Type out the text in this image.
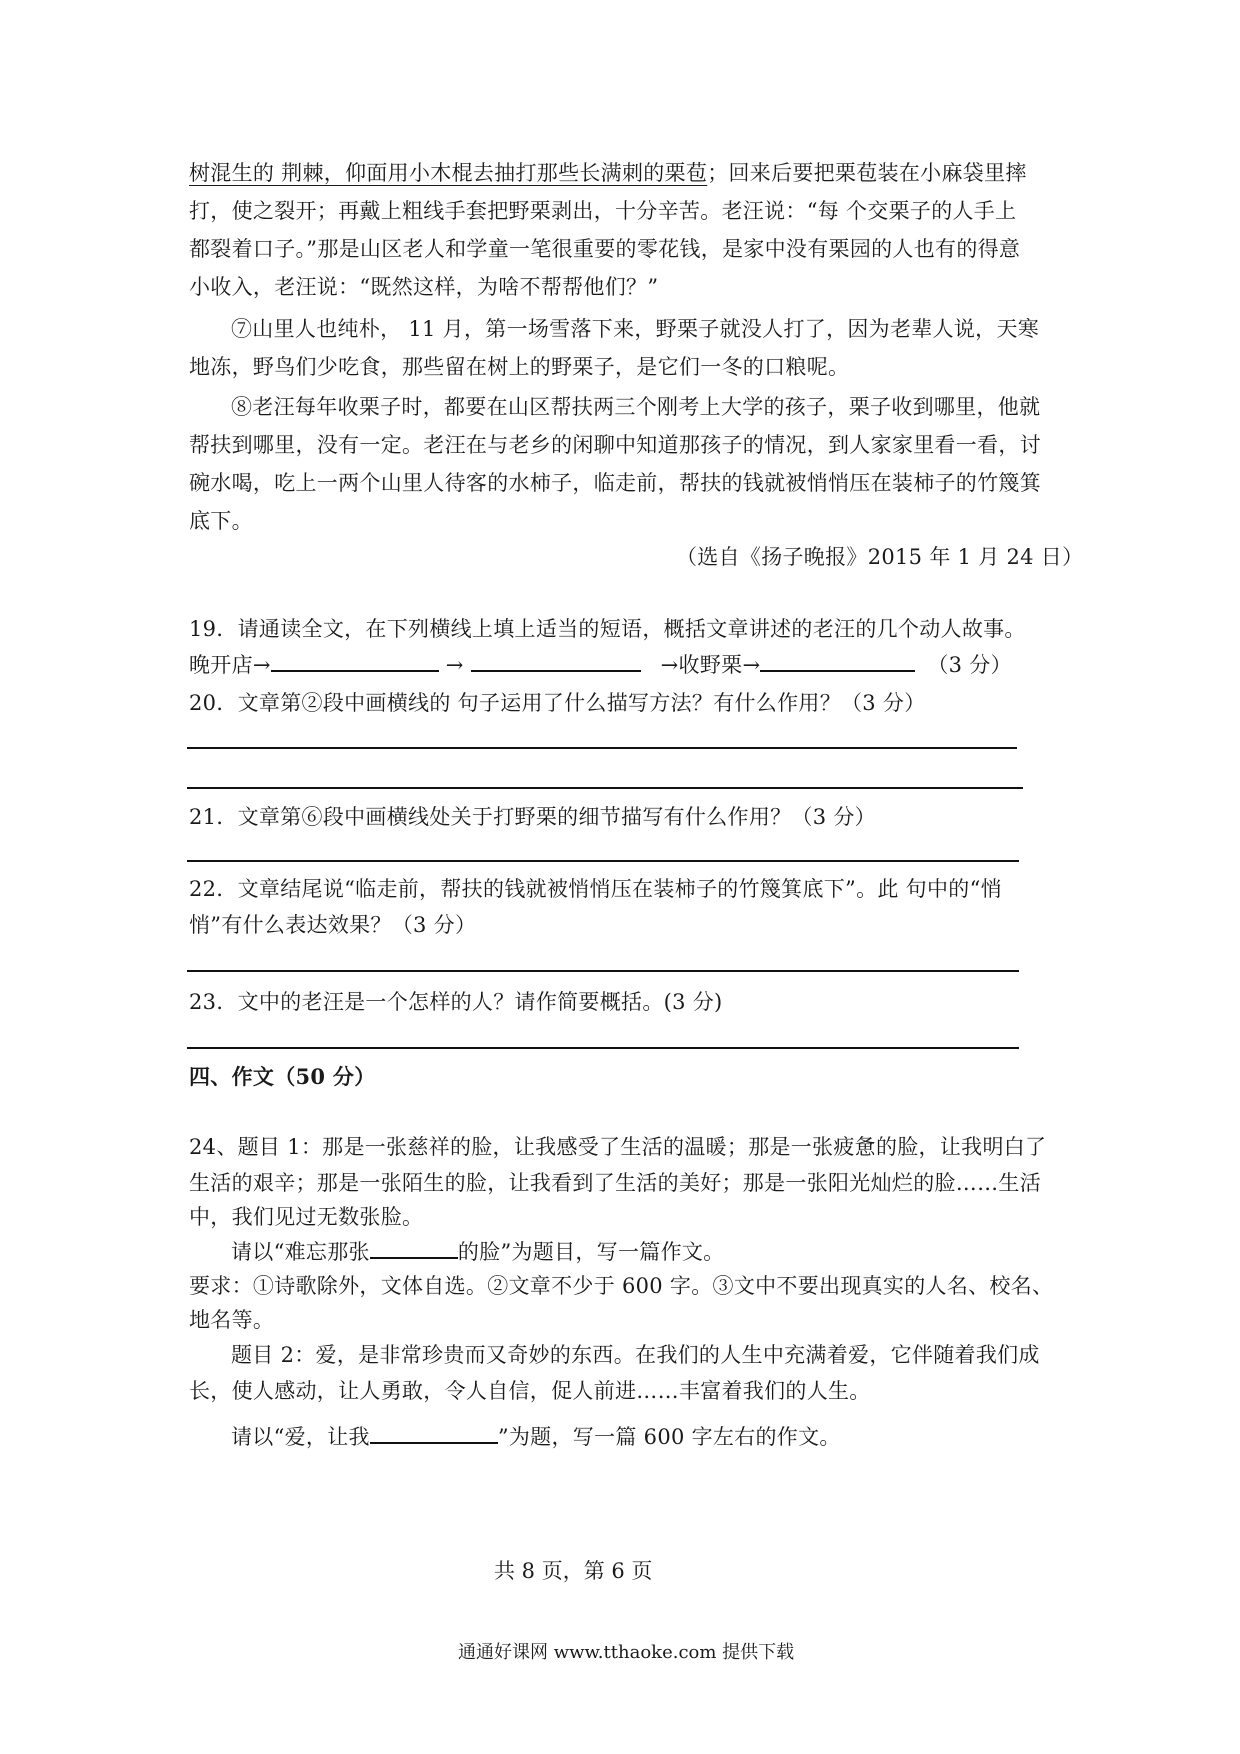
树混生的 荆棘，仰面用小木棍去抽打那些长满刺的栗苞；回来后要把栗苞装在小麻袋里摔
打，使之裂开；再戴上粗线手套把野栗剥出，十分辛苦。老汪说：“每 个交栗子的人手上
都裂着口子。”那是山区老人和学童一笔很重要的零花钱，是家中没有栗园的人也有的得意
小收入，老汪说：“既然这样，为啥不帮帮他们？”
⑦山里人也纯朴， 11 月，第一场雪落下来，野栗子就没人打了，因为老辈人说，天寒
地冻，野鸟们少吃食，那些留在树上的野栗子，是它们一冬的口粮呢。
⑧老汪每年收栗子时，都要在山区帮扶两三个刚考上大学的孩子，栗子收到哪里，他就
帮扶到哪里，没有一定。老汪在与老乡的闲聊中知道那孩子的情况，到人家家里看一看，讨
碗水喝，吃上一两个山里人待客的水柿子，临走前，帮扶的钱就被悄悄压在装柿子的竹篾箕
底下。
（选自《扬子晚报》2015 年 1 月 24 日）
19．请通读全文，在下列横线上填上适当的短语，概括文章讲述的老汪的几个动人故事。
晚开店→	→	→收野栗→	（3 分）
20．文章第②段中画横线的 句子运用了什么描写方法？有什么作用？（3 分）
21．文章第⑥段中画横线处关于打野栗的细节描写有什么作用？（3 分）
22．文章结尾说“临走前，帮扶的钱就被悄悄压在装柿子的竹篾箕底下”。此 句中的“悄
悄”有什么表达效果？（3 分）
23．文中的老汪是一个怎样的人？请作简要概括。(3 分)
四、作文（50 分）
24、题目 1：那是一张慈祥的脸，让我感受了生活的温暖；那是一张疲惫的脸，让我明白了
生活的艰辛；那是一张陌生的脸，让我看到了生活的美好；那是一张阳光灿烂的脸……生活
中，我们见过无数张脸。
请以“难忘那张	的脸”为题目，写一篇作文。
要求：①诗歌除外，文体自选。②文章不少于 600 字。③文中不要出现真实的人名、校名、
地名等。
题目 2：爱，是非常珍贵而又奇妙的东西。在我们的人生中充满着爱，它伴随着我们成
长，使人感动，让人勇敢，令人自信，促人前进……丰富着我们的人生。
请以“爱，让我	”为题，写一篇 600 字左右的作文。
共 8 页，第 6 页
通通好课网 www.tthaoke.com 提供下载
